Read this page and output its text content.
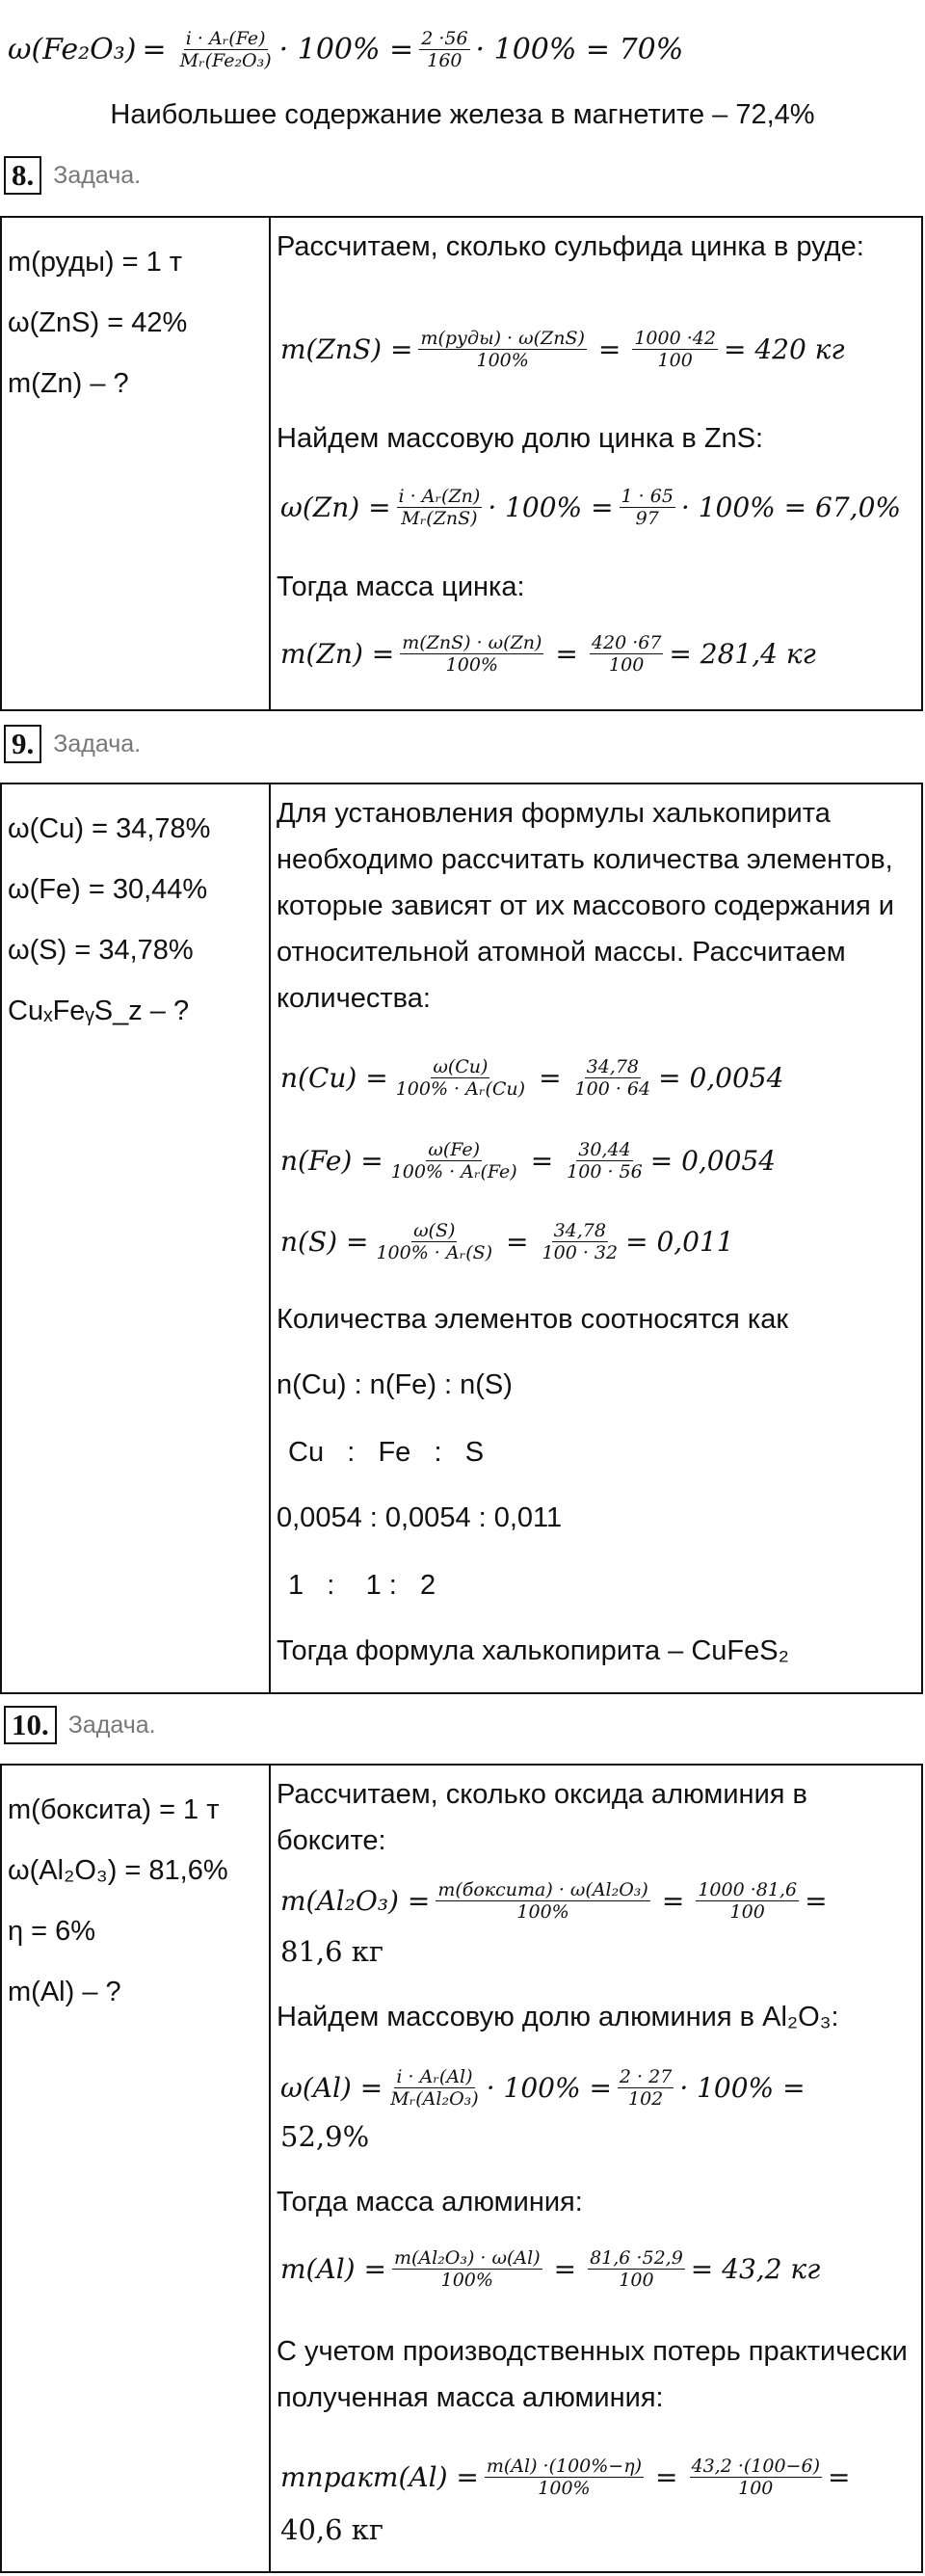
$\omega(Fe_2O_3) = \frac{\text{i · Aᵣ(Fe)}}{\text{Mᵣ(Fe₂O₃)}} \cdot 100\% = \frac{2 \cdot 56}{160} \cdot 100\% = 70\%$
Наибольшее содержание железа в магнетите – 72,4%
8. Задача.

m(руды) = 1 т

ω(ZnS) = 42%

m(Zn) – ?

Рассчитаем, сколько сульфида цинка в руде:
$m(ZnS) = \frac{\text{m(руды) · ω(ZnS)}}{100\%} = \frac{1000 \cdot 42}{100} = 420$ кг
Найдем массовую долю цинка в ZnS:
$\omega(Zn) = \frac{\text{i · Aᵣ(Zn)}}{\text{Mᵣ(ZnS)}} \cdot 100\% = \frac{1 \cdot 65}{97} \cdot 100\% = 67,0\%$
Тогда масса цинка:
$m(Zn) = \frac{\text{m(ZnS) · ω(Zn)}}{100\%} = \frac{420 \cdot 67}{100} = 281,4$ кг
9. Задача.

ω(Cu) = 34,78%

ω(Fe) = 30,44%

ω(S) = 34,78%

CuₓFeᵧS_z – ?

Для установления формулы халькопирита необходимо рассчитать количества элементов, которые зависят от их массового содержания и относительной атомной массы. Рассчитаем количества:
$n(Cu) = \frac{\omega(Cu)}{\text{100\% · Aᵣ(Cu)}} = \frac{34,78}{100 \cdot 64} = 0,0054$
$n(Fe) = \frac{\omega(Fe)}{\text{100\% · Aᵣ(Fe)}} = \frac{30,44}{100 \cdot 56} = 0,0054$
$n(S) = \frac{\omega(S)}{\text{100\% · Aᵣ(S)}} = \frac{34,78}{100 \cdot 32} = 0,011$
Количества элементов соотносятся как
n(Cu) : n(Fe) : n(S)
Cu   :   Fe   :   S
0,0054 : 0,0054 : 0,011
1   :    1 :   2
Тогда формула халькопирита – CuFeS₂
10. Задача.

m(боксита) = 1 т

ω(Al₂O₃) = 81,6%

η = 6%

m(Al) – ?

Рассчитаем, сколько оксида алюминия в боксите:
$m(Al_2O_3) = \frac{\text{m(боксита) · ω(Al₂O₃)}}{100\%} = \frac{1000 \cdot 81,6}{100}$ =
81,6 кг
Найдем массовую долю алюминия в Al₂O₃:
$\omega(Al) = \frac{\text{i · Aᵣ(Al)}}{\text{Mᵣ(Al₂O₃)}} \cdot 100\% = \frac{2 \cdot 27}{102} \cdot 100\%$ =
52,9%
Тогда масса алюминия:
$m(Al) = \frac{\text{m(Al₂O₃) · ω(Al)}}{100\%} = \frac{81,6 \cdot 52,9}{100} = 43,2$ кг
С учетом производственных потерь практически полученная масса алюминия:
mпракт(Al) = $\frac{m(Al) \cdot(100\%-\eta)}{100\%} = \frac{43,2 \cdot(100-6)}{100}$ =
40,6 кг
